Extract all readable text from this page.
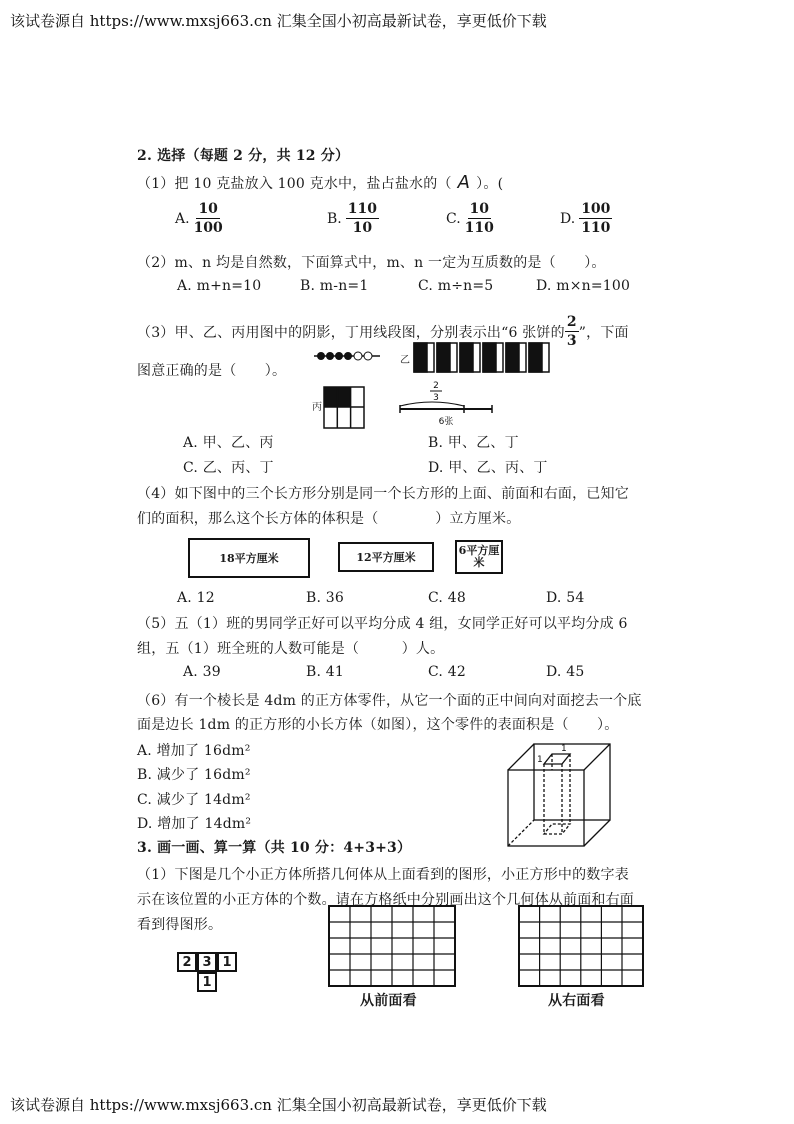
该试卷源自 https://www.mxsj663.cn 汇集全国小初高最新试卷，享更低价下载
该试卷源自 https://www.mxsj663.cn 汇集全国小初高最新试卷，享更低价下载
2. 选择（每题 2 分，共 12 分）
（1）把 10 克盐放入 100 克水中，盐占盐水的（ A ）。(
A. $\frac{10}{100}$	B. $\frac{110}{10}$	C. $\frac{10}{110}$	D. $\frac{100}{110}$
（2）m、n 均是自然数，下面算式中，m、n 一定为互质数的是（　　）。
A. m+n=10	B. m-n=1	C. m÷n=5	D. m×n=100
（3）甲、乙、丙用图中的阴影，丁用线段图，分别表示出“6 张饼的 $\frac{2}{3}$ ”，下面
图意正确的是（　　）。
乙
丙
2
3
6张
A. 甲、乙、丙	B. 甲、乙、丁
C. 乙、丙、丁	D. 甲、乙、丙、丁
（4）如下图中的三个长方形分别是同一个长方形的上面、前面和右面，已知它
们的面积，那么这个长方体的体积是（　　　　）立方厘米。
18平方厘米	12平方厘米
6平方厘米
A. 12	B. 36	C. 48	D. 54
（5）五（1）班的男同学正好可以平均分成 4 组，女同学正好可以平均分成 6
组，五（1）班全班的人数可能是（　　　）人。
A. 39	B. 41	C. 42	D. 45
（6）有一个棱长是 4dm 的正方体零件，从它一个面的正中间向对面挖去一个底
面是边长 1dm 的正方形的小长方体（如图），这个零件的表面积是（　　）。
A. 增加了 16dm²
B. 减少了 16dm²
C. 减少了 14dm²
D. 增加了 14dm²
1
1
3. 画一画、算一算（共 10 分：4+3+3）
（1）下图是几个小正方体所搭几何体从上面看到的图形，小正方形中的数字表
示在该位置的小正方体的个数。请在方格纸中分别画出这个几何体从前面和右面
看到得图形。
2 3 1
1
从前面看	从右面看
